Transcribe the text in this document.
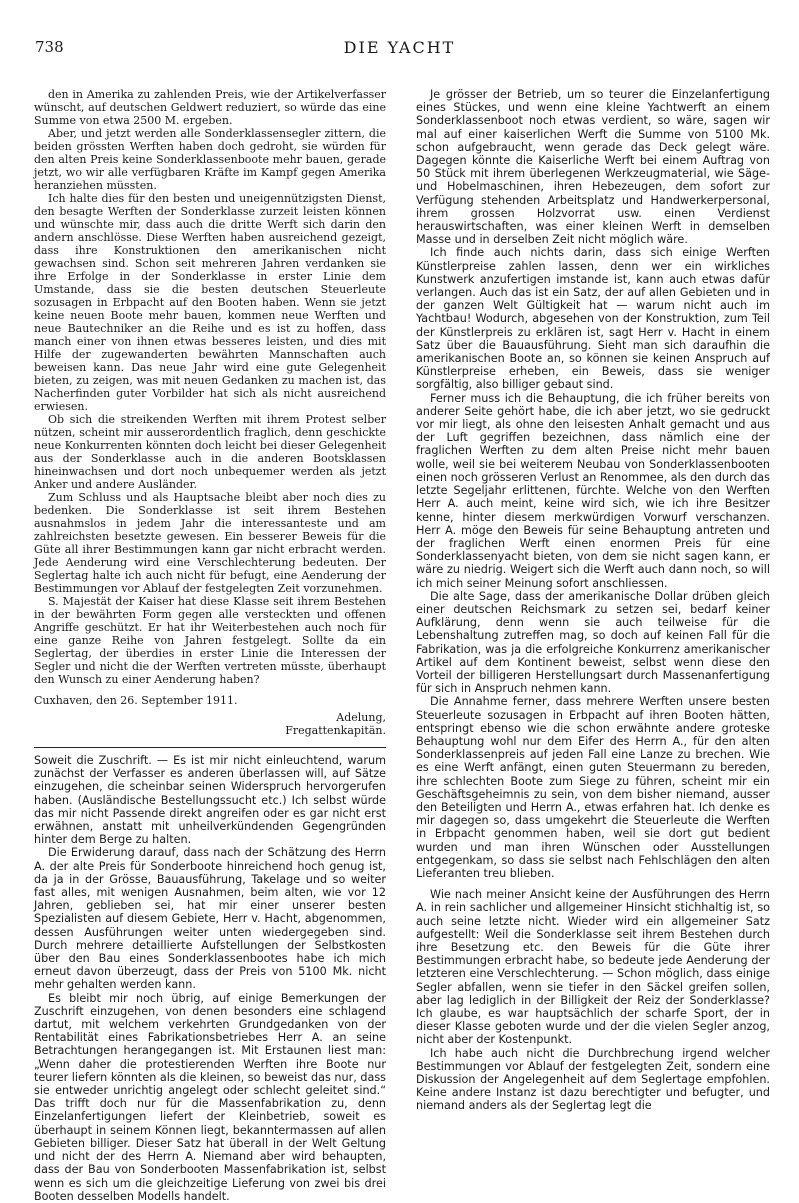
738	DIE YACHT

den in Amerika zu zahlenden Preis, wie der Artikelverfasser wünscht, auf deutschen Geldwert reduziert, so würde das eine Summe von etwa 2500 M. ergeben.

Aber, und jetzt werden alle Sonderklassensegler zittern, die beiden grössten Werften haben doch gedroht, sie würden für den alten Preis keine Sonderklassenboote mehr bauen, gerade jetzt, wo wir alle verfügbaren Kräfte im Kampf gegen Amerika heranziehen müssten.

Ich halte dies für den besten und uneigennützigsten Dienst, den besagte Werften der Sonderklasse zurzeit leisten können und wünschte mir, dass auch die dritte Werft sich darin den andern anschlösse. Diese Werften haben ausreichend gezeigt, dass ihre Konstruktionen den amerikanischen nicht gewachsen sind. Schon seit mehreren Jahren verdanken sie ihre Erfolge in der Sonderklasse in erster Linie dem Umstande, dass sie die besten deutschen Steuerleute sozusagen in Erbpacht auf den Booten haben. Wenn sie jetzt keine neuen Boote mehr bauen, kommen neue Werften und neue Bautechniker an die Reihe und es ist zu hoffen, dass manch einer von ihnen etwas besseres leisten, und dies mit Hilfe der zugewanderten bewährten Mannschaften auch beweisen kann. Das neue Jahr wird eine gute Gelegenheit bieten, zu zeigen, was mit neuen Gedanken zu machen ist, das Nacherfinden guter Vorbilder hat sich als nicht ausreichend erwiesen.

Ob sich die streikenden Werften mit ihrem Protest selber nützen, scheint mir ausserordentlich fraglich, denn geschickte neue Konkurrenten könnten doch leicht bei dieser Gelegenheit aus der Sonderklasse auch in die anderen Bootsklassen hineinwachsen und dort noch unbequemer werden als jetzt Anker und andere Ausländer.

Zum Schluss und als Hauptsache bleibt aber noch dies zu bedenken. Die Sonderklasse ist seit ihrem Bestehen ausnahmslos in jedem Jahr die interessanteste und am zahlreichsten besetzte gewesen. Ein besserer Beweis für die Güte all ihrer Bestimmungen kann gar nicht erbracht werden. Jede Aenderung wird eine Verschlechterung bedeuten. Der Seglertag halte ich auch nicht für befugt, eine Aenderung der Bestimmungen vor Ablauf der festgelegten Zeit vorzunehmen.

S. Majestät der Kaiser hat diese Klasse seit ihrem Bestehen in der bewährten Form gegen alle versteckten und offenen Angriffe geschützt. Er hat ihr Weiterbestehen auch noch für eine ganze Reihe von Jahren festgelegt. Sollte da ein Seglertag, der überdies in erster Linie die Interessen der Segler und nicht die der Werften vertreten müsste, überhaupt den Wunsch zu einer Aenderung haben?

Cuxhaven, den 26. September 1911.

Adelung,

Fregattenkapitän.

Soweit die Zuschrift. — Es ist mir nicht einleuchtend, warum zunächst der Verfasser es anderen überlassen will, auf Sätze einzugehen, die scheinbar seinen Widerspruch hervorgerufen haben. (Ausländische Bestellungssucht etc.) Ich selbst würde das mir nicht Passende direkt angreifen oder es gar nicht erst erwähnen, anstatt mit unheilverkündenden Gegengründen hinter dem Berge zu halten.

Die Erwiderung darauf, dass nach der Schätzung des Herrn A. der alte Preis für Sonderboote hinreichend hoch genug ist, da ja in der Grösse, Bauausführung, Takelage und so weiter fast alles, mit wenigen Ausnahmen, beim alten, wie vor 12 Jahren, geblieben sei, hat mir einer unserer besten Spezialisten auf diesem Gebiete, Herr v. Hacht, abgenommen, dessen Ausführungen weiter unten wiedergegeben sind. Durch mehrere detaillierte Aufstellungen der Selbstkosten über den Bau eines Sonderklassenbootes habe ich mich erneut davon überzeugt, dass der Preis von 5100 Mk. nicht mehr gehalten werden kann.

Es bleibt mir noch übrig, auf einige Bemerkungen der Zuschrift einzugehen, von denen besonders eine schlagend dartut, mit welchem verkehrten Grundgedanken von der Rentabilität eines Fabrikationsbetriebes Herr A. an seine Betrachtungen herangegangen ist. Mit Erstaunen liest man: „Wenn daher die protestierenden Werften ihre Boote nur teurer liefern könnten als die kleinen, so beweist das nur, dass sie entweder unrichtig angelegt oder schlecht geleitet sind.“ Das trifft doch nur für die Massenfabrikation zu, denn Einzelanfertigungen liefert der Kleinbetrieb, soweit es überhaupt in seinem Können liegt, bekanntermassen auf allen Gebieten billiger. Dieser Satz hat überall in der Welt Geltung und nicht der des Herrn A. Niemand aber wird behaupten, dass der Bau von Sonderbooten Massenfabrikation ist, selbst wenn es sich um die gleichzeitige Lieferung von zwei bis drei Booten desselben Modells handelt.

Je grösser der Betrieb, um so teurer die Einzelanfertigung eines Stückes, und wenn eine kleine Yachtwerft an einem Sonderklassenboot noch etwas verdient, so wäre, sagen wir mal auf einer kaiserlichen Werft die Summe von 5100 Mk. schon aufgebraucht, wenn gerade das Deck gelegt wäre. Dagegen könnte die Kaiserliche Werft bei einem Auftrag von 50 Stück mit ihrem überlegenen Werkzeugmaterial, wie Säge- und Hobelmaschinen, ihren Hebezeugen, dem sofort zur Verfügung stehenden Arbeitsplatz und Handwerkerpersonal, ihrem grossen Holzvorrat usw. einen Verdienst herauswirtschaften, was einer kleinen Werft in demselben Masse und in derselben Zeit nicht möglich wäre.

Ich finde auch nichts darin, dass sich einige Werften Künstlerpreise zahlen lassen, denn wer ein wirkliches Kunstwerk anzufertigen imstande ist, kann auch etwas dafür verlangen. Auch das ist ein Satz, der auf allen Gebieten und in der ganzen Welt Gültigkeit hat — warum nicht auch im Yachtbau! Wodurch, abgesehen von der Konstruktion, zum Teil der Künstlerpreis zu erklären ist, sagt Herr v. Hacht in einem Satz über die Bauausführung. Sieht man sich daraufhin die amerikanischen Boote an, so können sie keinen Anspruch auf Künstlerpreise erheben, ein Beweis, dass sie weniger sorgfältig, also billiger gebaut sind.

Ferner muss ich die Behauptung, die ich früher bereits von anderer Seite gehört habe, die ich aber jetzt, wo sie gedruckt vor mir liegt, als ohne den leisesten Anhalt gemacht und aus der Luft gegriffen bezeichnen, dass nämlich eine der fraglichen Werften zu dem alten Preise nicht mehr bauen wolle, weil sie bei weiterem Neubau von Sonderklassenbooten einen noch grösseren Verlust an Renommee, als den durch das letzte Segeljahr erlittenen, fürchte. Welche von den Werften Herr A. auch meint, keine wird sich, wie ich ihre Besitzer kenne, hinter diesem merkwürdigen Vorwurf verschanzen. Herr A. möge den Beweis für seine Behauptung antreten und der fraglichen Werft einen enormen Preis für eine Sonderklassenyacht bieten, von dem sie nicht sagen kann, er wäre zu niedrig. Weigert sich die Werft auch dann noch, so will ich mich seiner Meinung sofort anschliessen.

Die alte Sage, dass der amerikanische Dollar drüben gleich einer deutschen Reichsmark zu setzen sei, bedarf keiner Aufklärung, denn wenn sie auch teilweise für die Lebenshaltung zutreffen mag, so doch auf keinen Fall für die Fabrikation, was ja die erfolgreiche Konkurrenz amerikanischer Artikel auf dem Kontinent beweist, selbst wenn diese den Vorteil der billigeren Herstellungsart durch Massenanfertigung für sich in Anspruch nehmen kann.

Die Annahme ferner, dass mehrere Werften unsere besten Steuerleute sozusagen in Erbpacht auf ihren Booten hätten, entspringt ebenso wie die schon erwähnte andere groteske Behauptung wohl nur dem Eifer des Herrn A., für den alten Sonderklassenpreis auf jeden Fall eine Lanze zu brechen. Wie es eine Werft anfängt, einen guten Steuermann zu bereden, ihre schlechten Boote zum Siege zu führen, scheint mir ein Geschäftsgeheimnis zu sein, von dem bisher niemand, ausser den Beteiligten und Herrn A., etwas erfahren hat. Ich denke es mir dagegen so, dass umgekehrt die Steuerleute die Werften in Erbpacht genommen haben, weil sie dort gut bedient wurden und man ihren Wünschen oder Ausstellungen entgegenkam, so dass sie selbst nach Fehlschlägen den alten Lieferanten treu blieben.

Wie nach meiner Ansicht keine der Ausführungen des Herrn A. in rein sachlicher und allgemeiner Hinsicht stichhaltig ist, so auch seine letzte nicht. Wieder wird ein allgemeiner Satz aufgestellt: Weil die Sonderklasse seit ihrem Bestehen durch ihre Besetzung etc. den Beweis für die Güte ihrer Bestimmungen erbracht habe, so bedeute jede Aenderung der letzteren eine Verschlechterung. — Schon möglich, dass einige Segler abfallen, wenn sie tiefer in den Säckel greifen sollen, aber lag lediglich in der Billigkeit der Reiz der Sonderklasse? Ich glaube, es war hauptsächlich der scharfe Sport, der in dieser Klasse geboten wurde und der die vielen Segler anzog, nicht aber der Kostenpunkt.

Ich habe auch nicht die Durchbrechung irgend welcher Bestimmungen vor Ablauf der festgelegten Zeit, sondern eine Diskussion der Angelegenheit auf dem Seglertage empfohlen. Keine andere Instanz ist dazu berechtigter und befugter, und niemand anders als der Seglertag legt die
